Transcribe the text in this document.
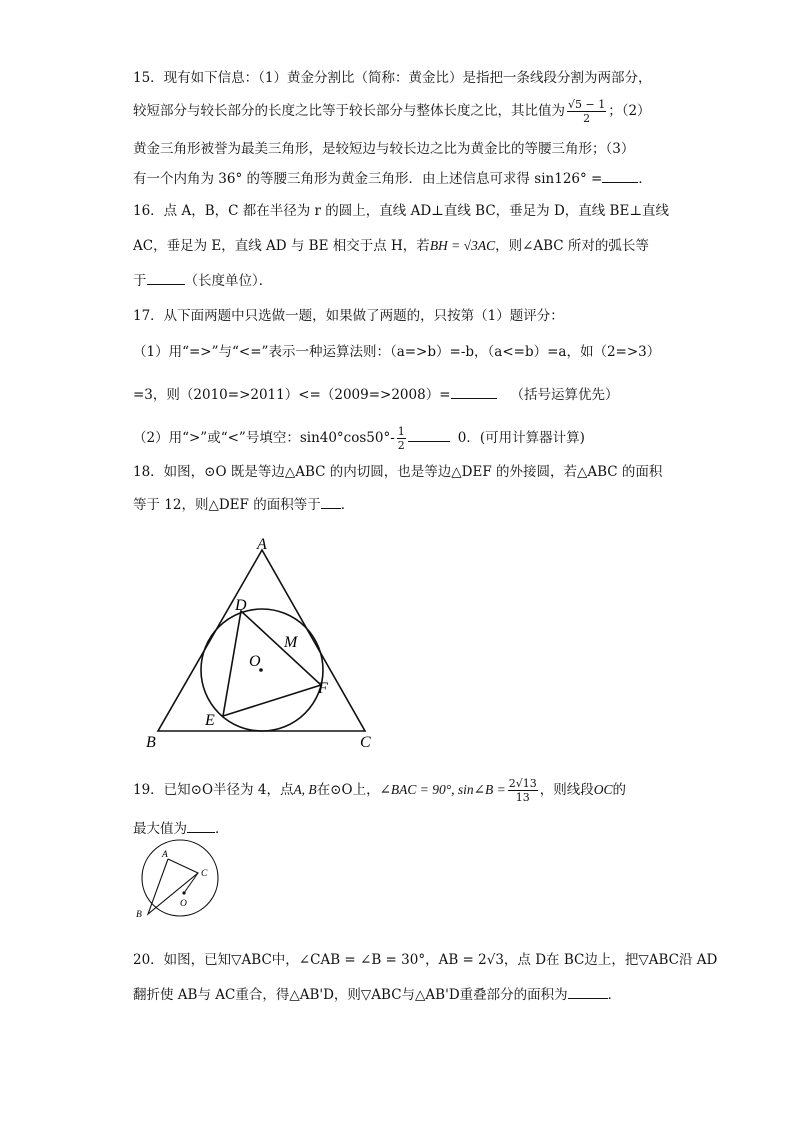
15．现有如下信息：（1）黄金分割比（简称：黄金比）是指把一条线段分割为两部分，
较短部分与较长部分的长度之比等于较长部分与整体长度之比，其比值为 $\frac{√5 - 1}{2}$ ；（2）
黄金三角形被誉为最美三角形，是较短边与较长边之比为黄金比的等腰三角形；（3）
有一个内角为 36° 的等腰三角形为黄金三角形．由上述信息可求得 sin126° =	．
16．点 A，B，C 都在半径为 r 的圆上，直线 AD⊥直线 BC，垂足为 D，直线 BE⊥直线
AC，垂足为 E，直线 AD 与 BE 相交于点 H，若BH = √3AC，则∠ABC 所对的弧长等
于	（长度单位）．
17．从下面两题中只选做一题，如果做了两题的，只按第（1）题评分：
（1）用“=>”与“<=”表示一种运算法则：（a=>b）=-b，（a<=b）=a，如（2=>3）
=3，则（2010=>2011）<=（2009=>2008）=	（括号运算优先）
（2）用“>”或“<”号填空：$\sin 40^\circ\cos 50^\circ- \frac{1}{2}$	0．(可用计算器计算)
18．如图，⊙O 既是等边△ABC 的内切圆，也是等边△DEF 的外接圆，若△ABC 的面积
等于 12，则△DEF 的面积等于 ．
A
B	C
D
E
F
M
O
A
B
C
O
19．已知⊙O半径为 4，点A, B在⊙O上，∠BAC = 90°, sin∠B = $\frac{2√13}{13}$ ，则线段OC的
最大值为 ．
20．如图，已知▽ABC中，∠CAB = ∠B = 30°，AB = 2√3，点 D在 BC边上，把▽ABC沿 AD
翻折使 AB与 AC重合，得△AB'D，则▽ABC与△AB'D重叠部分的面积为	．
